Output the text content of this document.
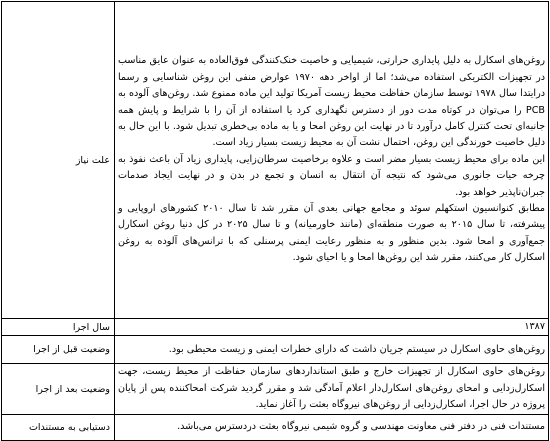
روغن‌های اسکارل به دلیل پایداری حرارتی، شیمیایی و خاصیت خنک‌کنندگی فوق‌العاده به عنوان عایق مناسب در تجهیزات الکتریکی استفاده می‌شد؛ اما از اواخر دهه ۱۹۷۰ عوارض منفی این روغن شناسایی و رسما درایتدا سال ۱۹۷۸ توسط سازمان حفاظت محیط زیست آمریکا تولید این ماده ممنوع شد. روغن‌های آلوده به PCB را می‌توان در کوتاه مدت دور از دسترس نگهداری کرد یا استفاده از آن را با شرایط و پایش همه جانبه‌ای تحت کنترل کامل درآورد تا در نهایت این روغن امحا و یا به ماده بی‌خطری تبدیل شود. با این حال به دلیل خاصیت خورندگی این روغن، احتمال نشت آن به محیط زیست بسیار زیاد است.

این ماده برای محیط زیست بسیار مضر است و علاوه برخاصیت سرطان‌زایی، پایداری زیاد آن باعث نفوذ به چرخه حیات جانوری می‌شود که نتیجه آن انتقال به انسان و تجمع در بدن و در نهایت ایجاد صدمات جبران‌ناپذیر خواهد بود.

مطابق کنوانسیون استکهلم سوئد و مجامع جهانی بعدی آن مقرر شد تا سال ۲۰۱۰ کشورهای اروپایی و پیشرفته، تا سال ۲۰۱۵ به صورت منطقه‌ای (مانند خاورمیانه) و تا سال ۲۰۲۵ در کل دنیا روغن اسکارل جمع‌آوری و امحا شود. بدین منظور و به منظور رعایت ایمنی پرسنلی که با ترانس‌های آلوده به روغن اسکارل کار می‌کنند، مقرر شد این روغن‌ها امحا و یا احیای شود.	علت نیاز
۱۳۸۷	سال اجرا
روغن‌های حاوی اسکارل در سیستم جریان داشت که دارای خطرات ایمنی و زیست محیطی بود.	وضعیت قبل از اجرا
روغن‌های حاوی اسکارل از تجهیزات خارج و طبق استانداردهای سازمان حفاظت از محیط زیست، جهت اسکارل‌زدایی و امحای روغن‌های اسکارل‌دار اعلام آمادگی شد و مقرر گردید شرکت امحاکننده پس از پایان پروژه در حال اجرا، اسکارل‌زدایی از روغن‌های نیروگاه بعثت را آغاز نماید.	وضعیت بعد از اجرا
مستندات فنی در دفتر فنی معاونت مهندسی و گروه شیمی نیروگاه بعثت دردسترس می‌باشد.	دستیابی به مستندات
